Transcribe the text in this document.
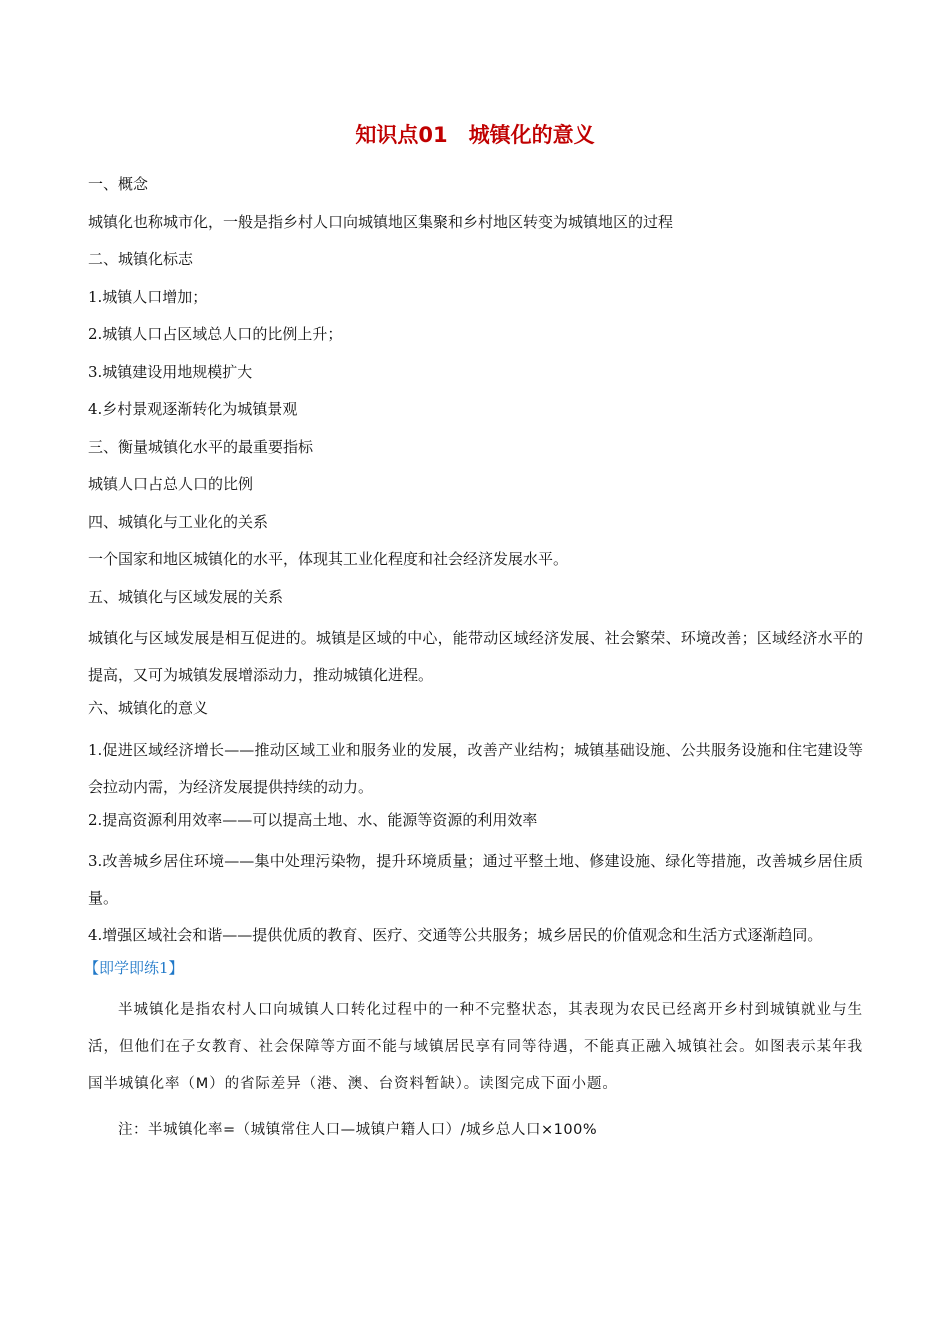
知识点01　城镇化的意义
一、概念
城镇化也称城市化，一般是指乡村人口向城镇地区集聚和乡村地区转变为城镇地区的过程
二、城镇化标志
1.城镇人口增加；
2.城镇人口占区域总人口的比例上升；
3.城镇建设用地规模扩大
4.乡村景观逐渐转化为城镇景观
三、衡量城镇化水平的最重要指标
城镇人口占总人口的比例
四、城镇化与工业化的关系
一个国家和地区城镇化的水平，体现其工业化程度和社会经济发展水平。
五、城镇化与区域发展的关系
城镇化与区域发展是相互促进的。城镇是区域的中心，能带动区域经济发展、社会繁荣、环境改善；区域经济水平的提高，又可为城镇发展增添动力，推动城镇化进程。
六、城镇化的意义
1.促进区域经济增长——推动区域工业和服务业的发展，改善产业结构；城镇基础设施、公共服务设施和住宅建设等会拉动内需，为经济发展提供持续的动力。
2.提高资源利用效率——可以提高土地、水、能源等资源的利用效率
3.改善城乡居住环境——集中处理污染物，提升环境质量；通过平整土地、修建设施、绿化等措施，改善城乡居住质量。
4.增强区域社会和谐——提供优质的教育、医疗、交通等公共服务；城乡居民的价值观念和生活方式逐渐趋同。
【即学即练1】
半城镇化是指农村人口向城镇人口转化过程中的一种不完整状态，其表现为农民已经离开乡村到城镇就业与生活，但他们在子女教育、社会保障等方面不能与域镇居民享有同等待遇，不能真正融入城镇社会。如图表示某年我国半城镇化率（M）的省际差异（港、澳、台资料暂缺）。读图完成下面小题。
注：半城镇化率=（城镇常住人口—城镇户籍人口）/城乡总人口×100%
